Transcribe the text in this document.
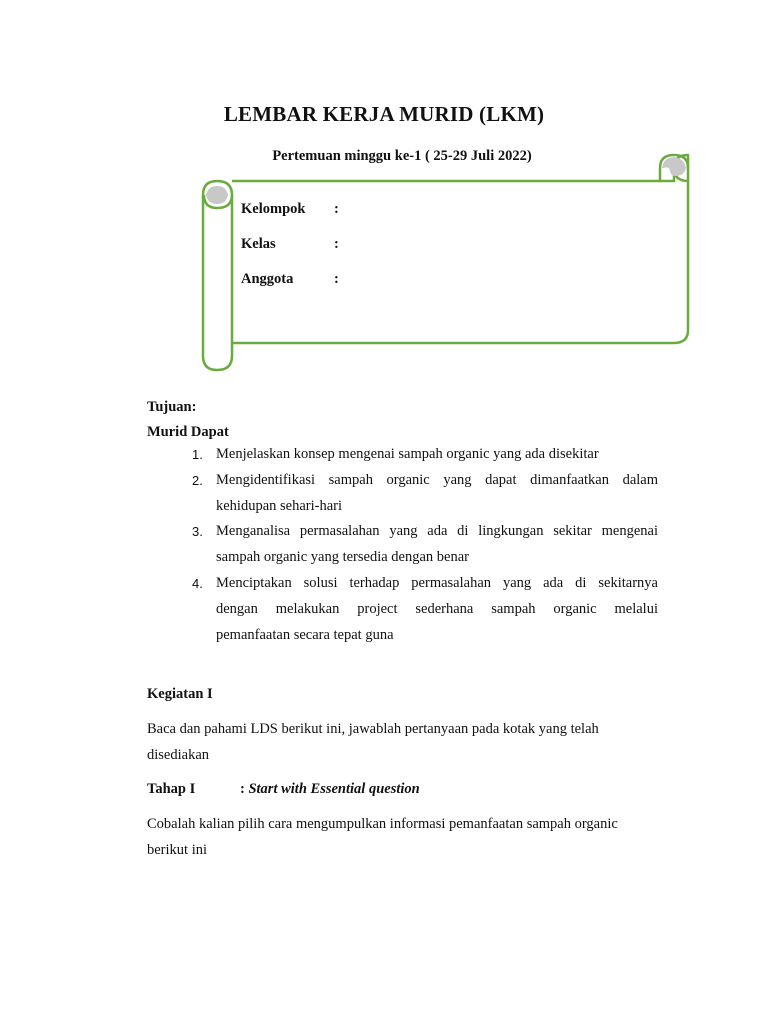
LEMBAR KERJA MURID (LKM)
Pertemuan minggu ke-1 ( 25-29 Juli 2022)
Kelompok :
Kelas	:
Anggota	:
Tujuan:
Murid Dapat
1. Menjelaskan konsep mengenai sampah organic yang ada disekitar
2. Mengidentifikasi sampah organic yang dapat dimanfaatkan dalam
kehidupan sehari-hari
3. Menganalisa permasalahan yang ada di lingkungan sekitar mengenai
sampah organic yang tersedia dengan benar
4. Menciptakan solusi terhadap permasalahan yang ada di sekitarnya
dengan melakukan project sederhana sampah organic melalui
pemanfaatan secara tepat guna
Kegiatan I
Baca dan pahami LDS berikut ini, jawablah pertanyaan pada kotak yang telah
disediakan
Tahap I	: Start with Essential question
Cobalah kalian pilih cara mengumpulkan informasi pemanfaatan sampah organic
berikut ini
